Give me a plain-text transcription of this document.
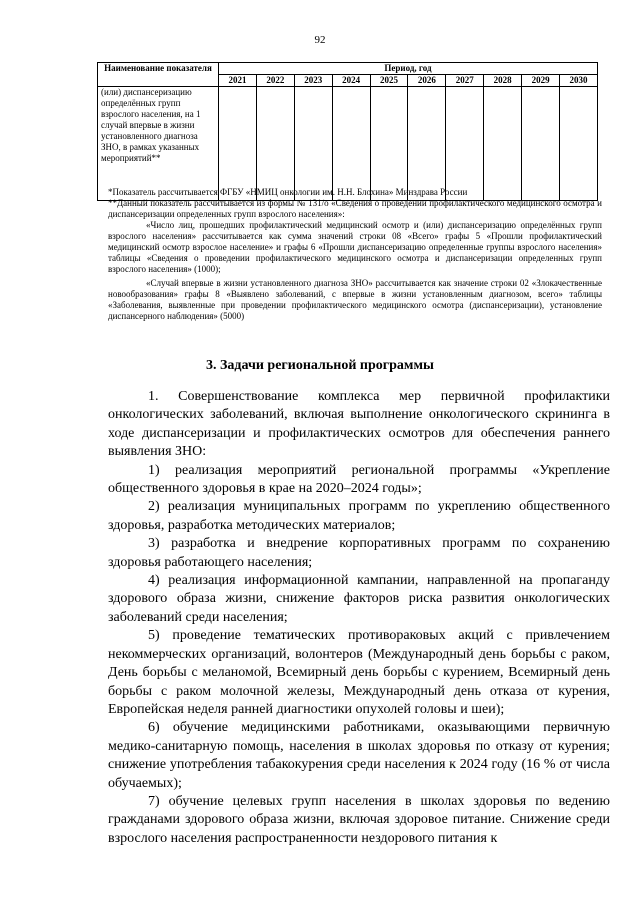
92
Наименование показателя	Период, год									
	2021	2022	2023	2024	2025	2026	2027	2028	2029	2030
(или) диспансеризацию определённых групп взрослого населения, на 1 случай впервые в жизни установленного диагноза ЗНО, в рамках указанных мероприятий**										

*Показатель рассчитывается ФГБУ «НМИЦ онкологии им. Н.Н. Блохина» Минздрава России

**Данный показатель рассчитывается из формы № 131/о «Сведения о проведении профилактического медицинского осмотра и диспансеризации определенных групп взрослого населения»:

«Число лиц, прошедших профилактический медицинский осмотр и (или) диспансеризацию определённых групп взрослого населения» рассчитывается как сумма значений строки 08 «Всего» графы 5 «Прошли профилактический медицинский осмотр взрослое население» и графы 6 «Прошли диспансеризацию определенные группы взрослого населения» таблицы «Сведения о проведении профилактического медицинского осмотра и диспансеризации определенных групп взрослого населения» (1000);

«Случай впервые в жизни установленного диагноза ЗНО» рассчитывается как значение строки 02 «Злокачественные новообразования» графы 8 «Выявлено заболеваний, с впервые в жизни установленным диагнозом, всего» таблицы «Заболевания, выявленные при проведении профилактического медицинского осмотра (диспансеризации), установление диспансерного наблюдения» (5000)

3. Задачи региональной программы

1. Совершенствование комплекса мер первичной профилактики онкологических заболеваний, включая выполнение онкологического скрининга в ходе диспансеризации и профилактических осмотров для обеспечения раннего выявления ЗНО:

1) реализация мероприятий региональной программы «Укрепление общественного здоровья в крае на 2020–2024 годы»;

2) реализация муниципальных программ по укреплению общественного здоровья, разработка методических материалов;

3) разработка и внедрение корпоративных программ по сохранению здоровья работающего населения;

4) реализация информационной кампании, направленной на пропаганду здорового образа жизни, снижение факторов риска развития онкологических заболеваний среди населения;

5) проведение тематических противораковых акций с привлечением некоммерческих организаций, волонтеров (Международный день борьбы с раком, День борьбы с меланомой, Всемирный день борьбы с курением, Всемирный день борьбы с раком молочной железы, Международный день отказа от курения, Европейская неделя ранней диагностики опухолей головы и шеи);

6) обучение медицинскими работниками, оказывающими первичную медико-санитарную помощь, населения в школах здоровья по отказу от курения; снижение употребления табакокурения среди населения к 2024 году (16 % от числа обучаемых);

7) обучение целевых групп населения в школах здоровья по ведению гражданами здорового образа жизни, включая здоровое питание. Снижение среди взрослого населения распространенности нездорового питания к
